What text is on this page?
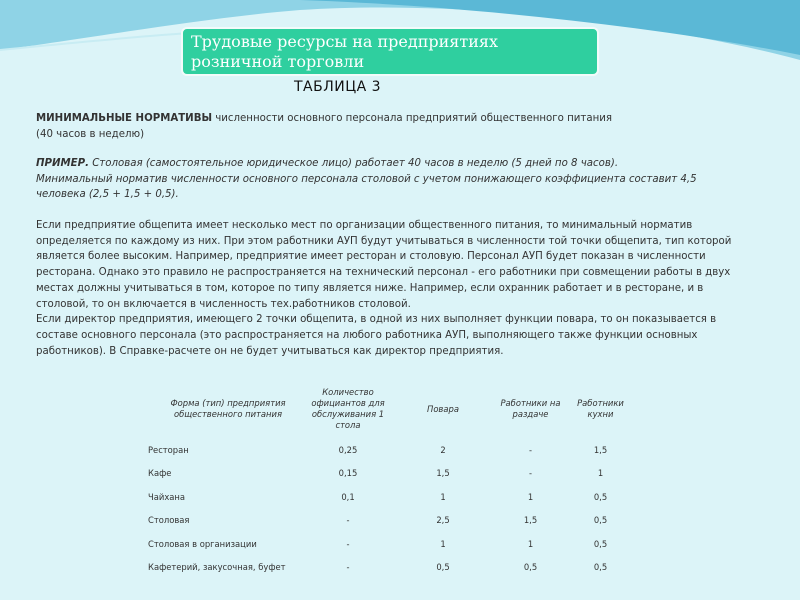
Трудовые ресурсы на предприятиях
розничной торговли
ТАБЛИЦА 3
МИНИМАЛЬНЫЕ НОРМАТИВЫ численности основного персонала предприятий общественного питания
(40 часов в неделю)
ПРИМЕР. Столовая (самостоятельное юридическое лицо) работает 40 часов в неделю (5 дней по 8 часов).
Минимальный норматив численности основного персонала столовой с учетом понижающего коэффициента составит 4,5
человека (2,5 + 1,5 + 0,5).
Если предприятие общепита имеет несколько мест по организации общественного питания, то минимальный норматив
определяется по каждому из них. При этом работники АУП будут учитываться в численности той точки общепита, тип которой
является более высоким. Например, предприятие имеет ресторан и столовую. Персонал АУП будет показан в численности
ресторана. Однако это правило не распространяется на технический персонал - его работники при совмещении работы в двух
местах должны учитываться в том, которое по типу является ниже. Например, если охранник работает и в ресторане, и в
столовой, то он включается в численность тех.работников столовой.
Если директор предприятия, имеющего 2 точки общепита, в одной из них выполняет функции повара, то он показывается в
составе основного персонала (это распространяется на любого работника АУП, выполняющего также функции основных
работников). В Справке-расчете он не будет учитываться как директор предприятия.
Форма (тип) предприятия общественного питания	Количество официантов для обслуживания 1 стола	Повара	Работники на раздаче	Работники кухни
Ресторан	0,25	2	-	1,5
Кафе	0,15	1,5	-	1
Чайхана	0,1	1	1	0,5
Столовая	-	2,5	1,5	0,5
Столовая в организации	-	1	1	0,5
Кафетерий, закусочная, буфет	-	0,5	0,5	0,5
